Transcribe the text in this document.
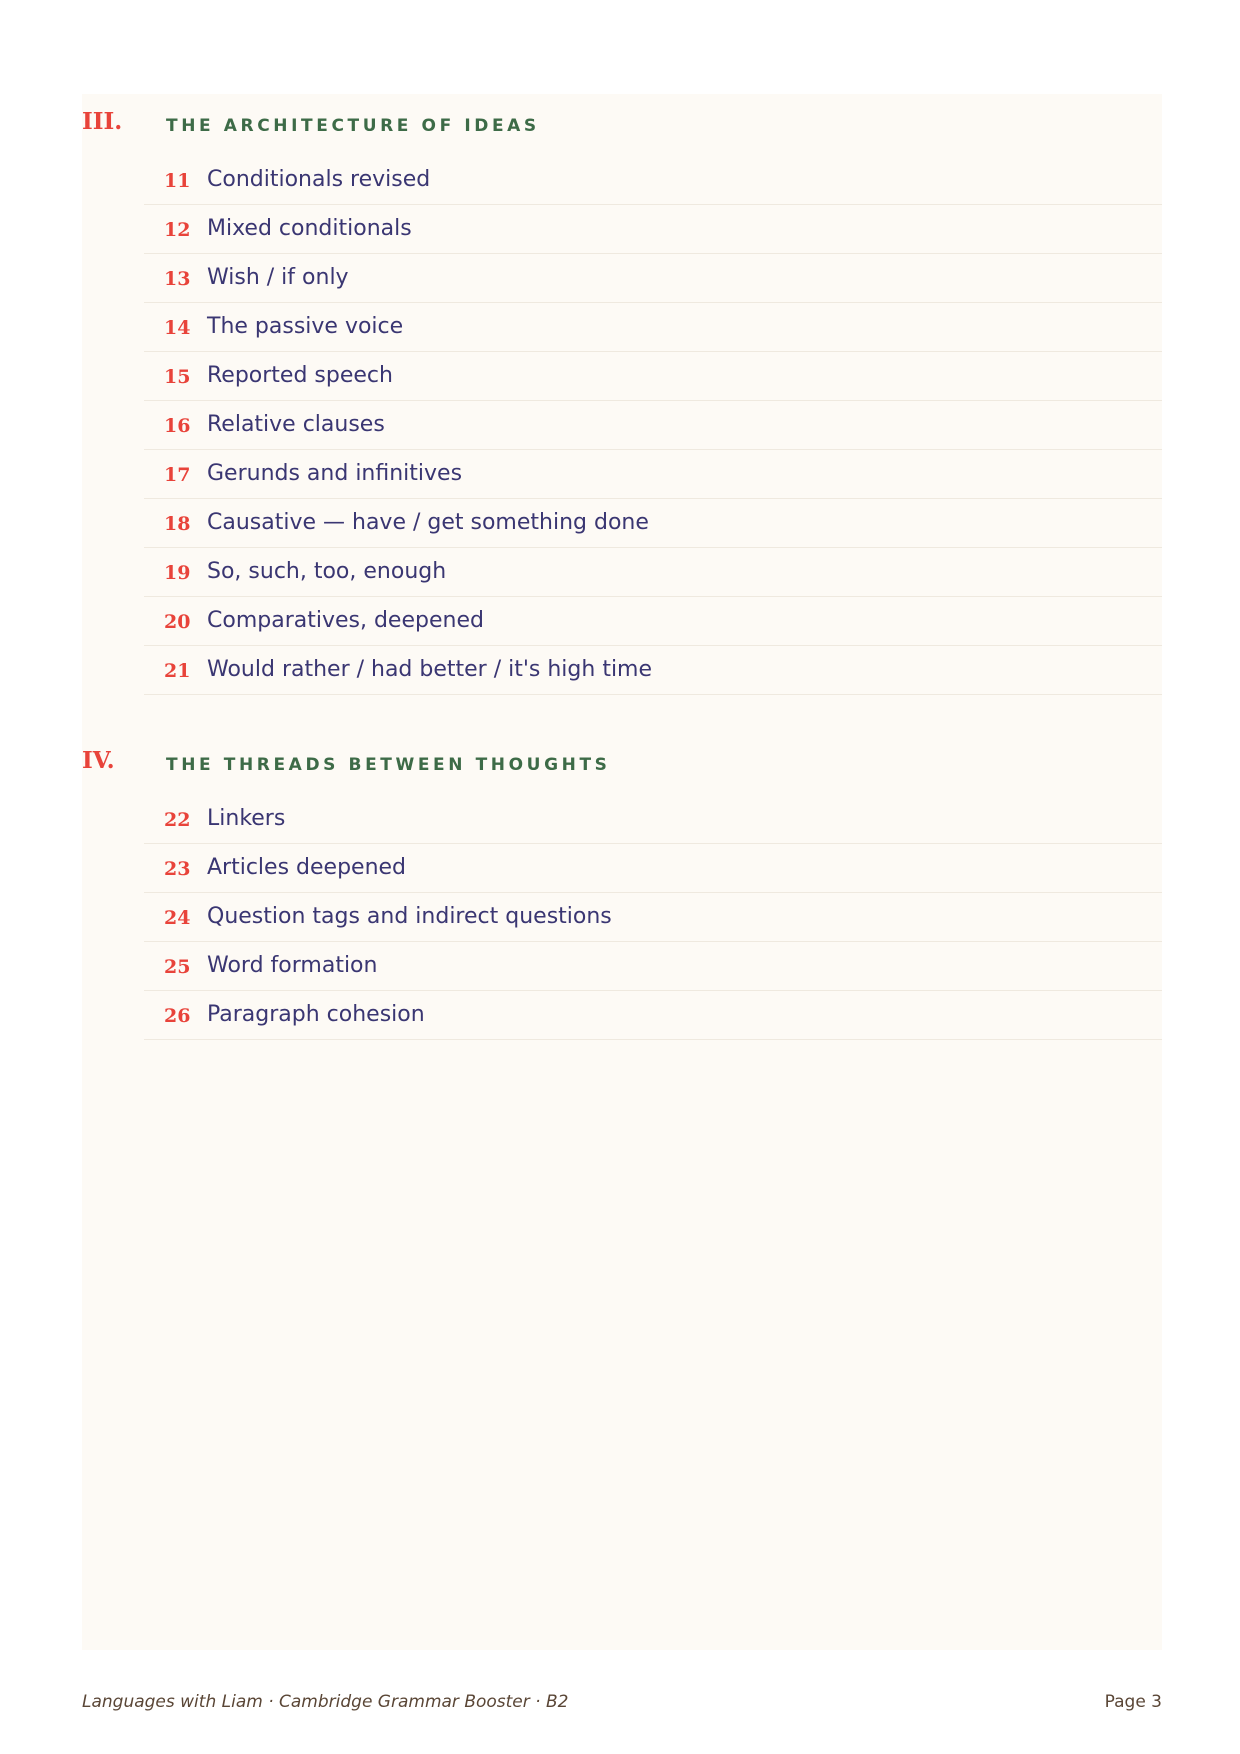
III.	THE ARCHITECTURE OF IDEAS
11 Conditionals revised
12 Mixed conditionals
13 Wish / if only
14 The passive voice
15 Reported speech
16 Relative clauses
17 Gerunds and infinitives
18 Causative — have / get something done
19 So, such, too, enough
20 Comparatives, deepened
21 Would rather / had better / it's high time
IV.	THE THREADS BETWEEN THOUGHTS
22 Linkers
23 Articles deepened
24 Question tags and indirect questions
25 Word formation
26 Paragraph cohesion
Languages with Liam · Cambridge Grammar Booster · B2	Page 3
